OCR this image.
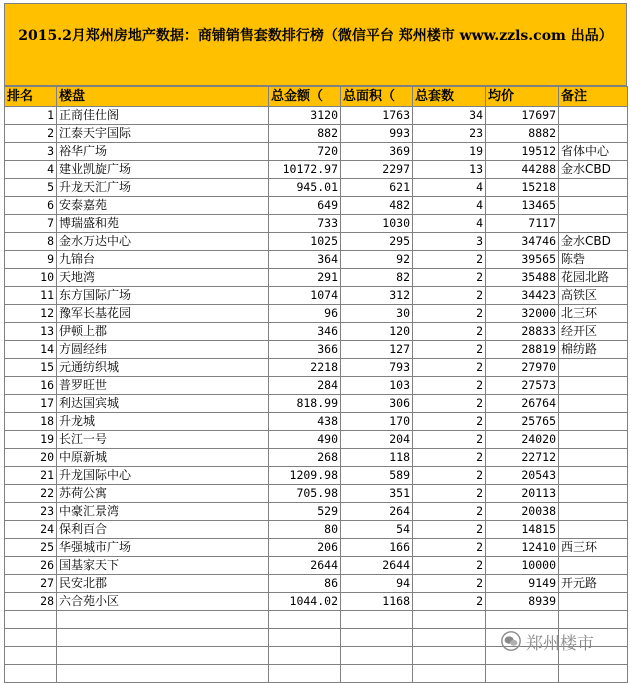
2015.2月郑州房地产数据：商铺销售套数排行榜（微信平台 郑州楼市 www.zzls.com 出品）
排名	楼盘	总金额（	总面积（	总套数	均价	备注
1	正商佳仕阁	3120	1763	34	17697	
2	江泰天宇国际	882	993	23	8882	
3	裕华广场	720	369	19	19512	省体中心
4	建业凯旋广场	10172.97	2297	13	44288	金水CBD
5	升龙天汇广场	945.01	621	4	15218	
6	安泰嘉苑	649	482	4	13465	
7	博瑞盛和苑	733	1030	4	7117	
8	金水万达中心	1025	295	3	34746	金水CBD
9	九锦台	364	92	2	39565	陈砦
10	天地湾	291	82	2	35488	花园北路
11	东方国际广场	1074	312	2	34423	高铁区
12	豫军长基花园	96	30	2	32000	北三环
13	伊顿上郡	346	120	2	28833	经开区
14	方圆经纬	366	127	2	28819	棉纺路
15	元通纺织城	2218	793	2	27970	
16	普罗旺世	284	103	2	27573	
17	利达国宾城	818.99	306	2	26764	
18	升龙城	438	170	2	25765	
19	长江一号	490	204	2	24020	
20	中原新城	268	118	2	22712	
21	升龙国际中心	1209.98	589	2	20543	
22	苏荷公寓	705.98	351	2	20113	
23	中豪汇景湾	529	264	2	20038	
24	保利百合	80	54	2	14815	
25	华强城市广场	206	166	2	12410	西三环
26	国基家天下	2644	2644	2	10000	
27	民安北郡	86	94	2	9149	开元路
28	六合苑小区	1044.02	1168	2	8939	

郑州楼市
